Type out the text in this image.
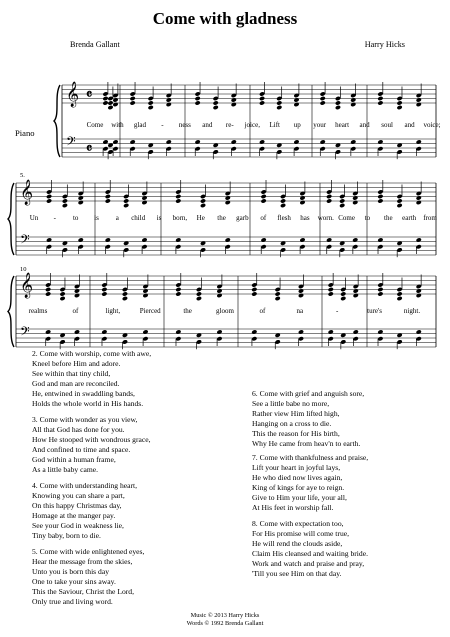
Come with gladness
Brenda Gallant	Harry Hicks
Piano
𝄞
𝄢
𝄴
𝄴
𝄞
𝄢
𝄞
𝄢
5.
10
Come with glad - ness and re- joice, Lift up your heart and soul and voice;
Un - to is a child is born, He the garb of flesh has worn. Come to the earth from
realms	of	light,	Pierced	the	gloom	of	na	-	ture's	night.
2. Come with worship, come with awe,
Kneel before Him and adore.
See within that tiny child,
God and man are reconciled.
He, entwined in swaddling bands,
Holds the whole world in His hands.
3. Come with wonder as you view,
All that God has done for you.
How He stooped with wondrous grace,
And confined to time and space.
God within a human frame,
As a little baby came.
4. Come with understanding heart,
Knowing you can share a part,
On this happy Christmas day,
Homage at the manger pay.
See your God in weakness lie,
Tiny baby, born to die.
5. Come with wide enlightened eyes,
Hear the message from the skies,
Unto you is born this day
One to take your sins away.
This the Saviour, Christ the Lord,
Only true and living word.
6. Come with grief and anguish sore,
See a little babe no more,
Rather view Him lifted high,
Hanging on a cross to die.
This the reason for His birth,
Why He came from heav'n to earth.
7. Come with thankfulness and praise,
Lift your heart in joyful lays,
He who died now lives again,
King of kings for aye to reign.
Give to Him your life, your all,
At His feet in worship fall.
8. Come with expectation too,
For His promise will come true,
He will rend the clouds aside,
Claim His cleansed and waiting bride.
Work and watch and praise and pray,
'Till you see Him on that day.
Music © 2013 Harry Hicks
Words © 1992 Brenda Gallant
